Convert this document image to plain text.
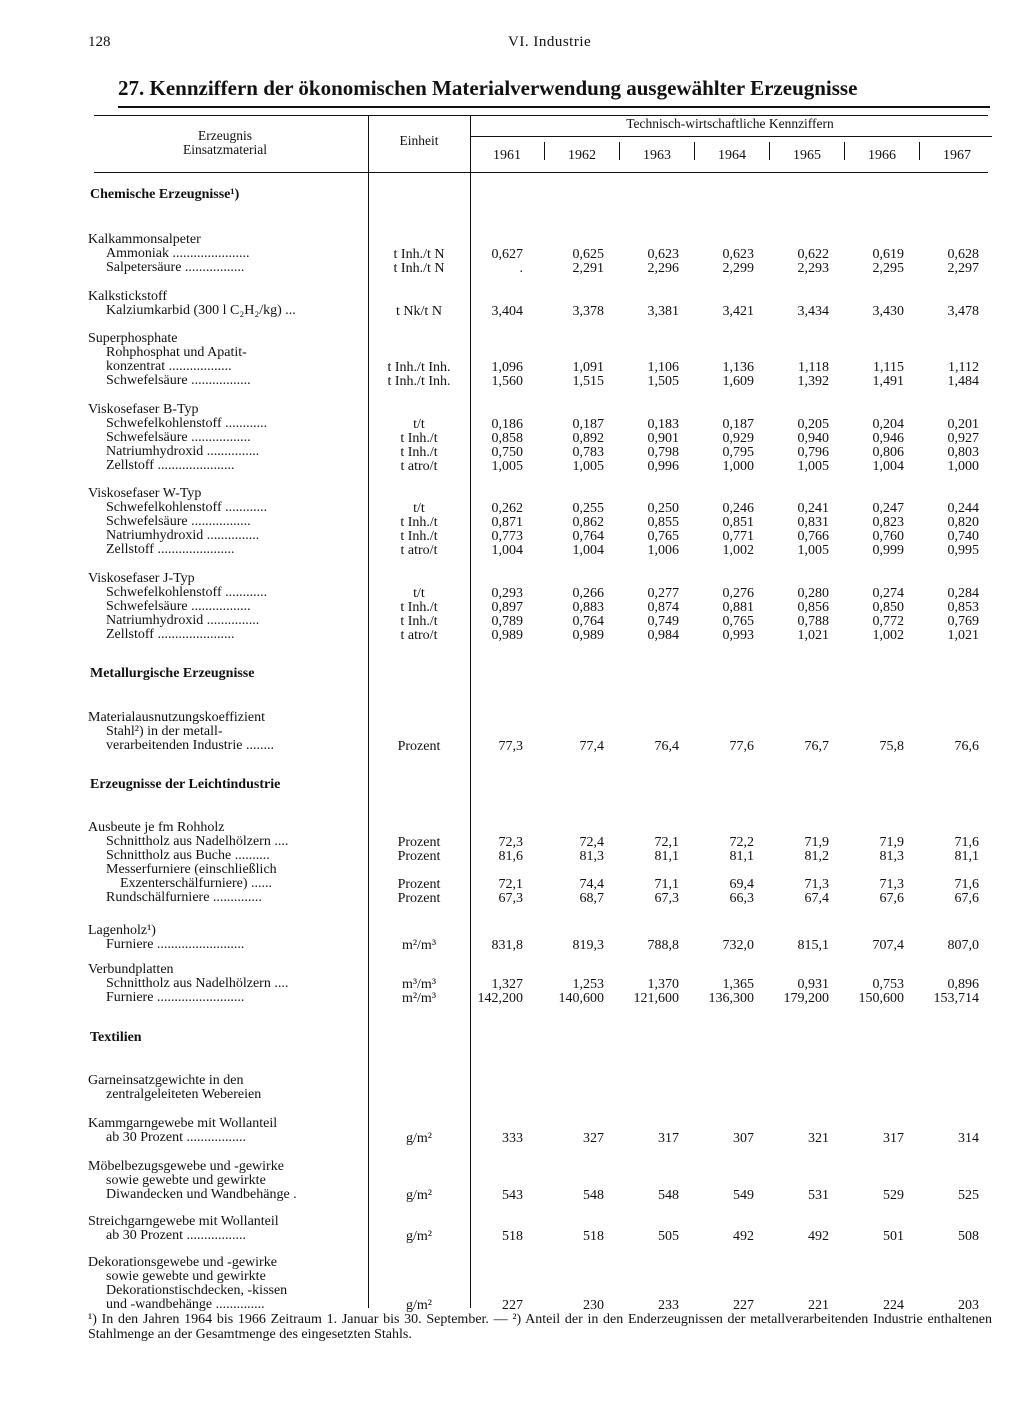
128	VI. Industrie
27. Kennziffern der ökonomischen Materialverwendung ausgewählter Erzeugnisse
Erzeugnis
Einsatzmaterial
Einheit
Technisch-wirtschaftliche Kennziffern
1961	1962	1963	1964	1965	1966	1967
Chemische Erzeugnisse¹)
Metallurgische Erzeugnisse
Erzeugnisse der Leichtindustrie
Textilien
Kalkammonsalpeter
Ammoniak ......................	t Inh./t N	0,627	0,625	0,623	0,623	0,622	0,619	0,628
Salpetersäure .................	t Inh./t N	.	2,291	2,296	2,299	2,293	2,295	2,297
Kalkstickstoff
Kalziumkarbid (300 l C₂H₂/kg) ...	t Nk/t N	3,404	3,378	3,381	3,421	3,434	3,430	3,478
Superphosphate
Rohphosphat und Apatit-
konzentrat ..................	t Inh./t Inh.	1,096	1,091	1,106	1,136	1,118	1,115	1,112
Schwefelsäure .................	t Inh./t Inh.	1,560	1,515	1,505	1,609	1,392	1,491	1,484
Viskosefaser B-Typ
Schwefelkohlenstoff ............	t/t	0,186	0,187	0,183	0,187	0,205	0,204	0,201
Schwefelsäure .................	t Inh./t	0,858	0,892	0,901	0,929	0,940	0,946	0,927
Natriumhydroxid ...............	t Inh./t	0,750	0,783	0,798	0,795	0,796	0,806	0,803
Zellstoff ......................	t atro/t	1,005	1,005	0,996	1,000	1,005	1,004	1,000
Viskosefaser W-Typ
Schwefelkohlenstoff ............	t/t	0,262	0,255	0,250	0,246	0,241	0,247	0,244
Schwefelsäure .................	t Inh./t	0,871	0,862	0,855	0,851	0,831	0,823	0,820
Natriumhydroxid ...............	t Inh./t	0,773	0,764	0,765	0,771	0,766	0,760	0,740
Zellstoff ......................	t atro/t	1,004	1,004	1,006	1,002	1,005	0,999	0,995
Viskosefaser J-Typ
Schwefelkohlenstoff ............	t/t	0,293	0,266	0,277	0,276	0,280	0,274	0,284
Schwefelsäure .................	t Inh./t	0,897	0,883	0,874	0,881	0,856	0,850	0,853
Natriumhydroxid ...............	t Inh./t	0,789	0,764	0,749	0,765	0,788	0,772	0,769
Zellstoff ......................	t atro/t	0,989	0,989	0,984	0,993	1,021	1,002	1,021
Materialausnutzungskoeffizient
Stahl²) in der metall-
verarbeitenden Industrie ........	Prozent	77,3	77,4	76,4	77,6	76,7	75,8	76,6
Ausbeute je fm Rohholz
Schnittholz aus Nadelhölzern ....	Prozent	72,3	72,4	72,1	72,2	71,9	71,9	71,6
Schnittholz aus Buche ..........	Prozent	81,6	81,3	81,1	81,1	81,2	81,3	81,1
Messerfurniere (einschließlich
Exzenterschälfurniere) ......	Prozent	72,1	74,4	71,1	69,4	71,3	71,3	71,6
Rundschälfurniere ..............	Prozent	67,3	68,7	67,3	66,3	67,4	67,6	67,6
Lagenholz¹)
Furniere .........................	m²/m³	831,8	819,3	788,8	732,0	815,1	707,4	807,0
Verbundplatten
Schnittholz aus Nadelhölzern ....	m³/m³	1,327	1,253	1,370	1,365	0,931	0,753	0,896
Furniere .........................	m²/m³	142,200	140,600	121,600	136,300	179,200	150,600	153,714
Garneinsatzgewichte in den
zentralgeleiteten Webereien
Kammgarngewebe mit Wollanteil
ab 30 Prozent .................	g/m²	333	327	317	307	321	317	314
Möbelbezugsgewebe und -gewirke
sowie gewebte und gewirkte
Diwandecken und Wandbehänge .	g/m²	543	548	548	549	531	529	525
Streichgarngewebe mit Wollanteil
ab 30 Prozent .................	g/m²	518	518	505	492	492	501	508
Dekorationsgewebe und -gewirke
sowie gewebte und gewirkte
Dekorationstischdecken, -kissen
und -wandbehänge ..............	g/m²	227	230	233	227	221	224	203
¹) In den Jahren 1964 bis 1966 Zeitraum 1. Januar bis 30. September. — ²) Anteil der in den Enderzeugnissen der metallverarbeitenden Industrie enthaltenen Stahlmenge an der Gesamtmenge des eingesetzten Stahls.
